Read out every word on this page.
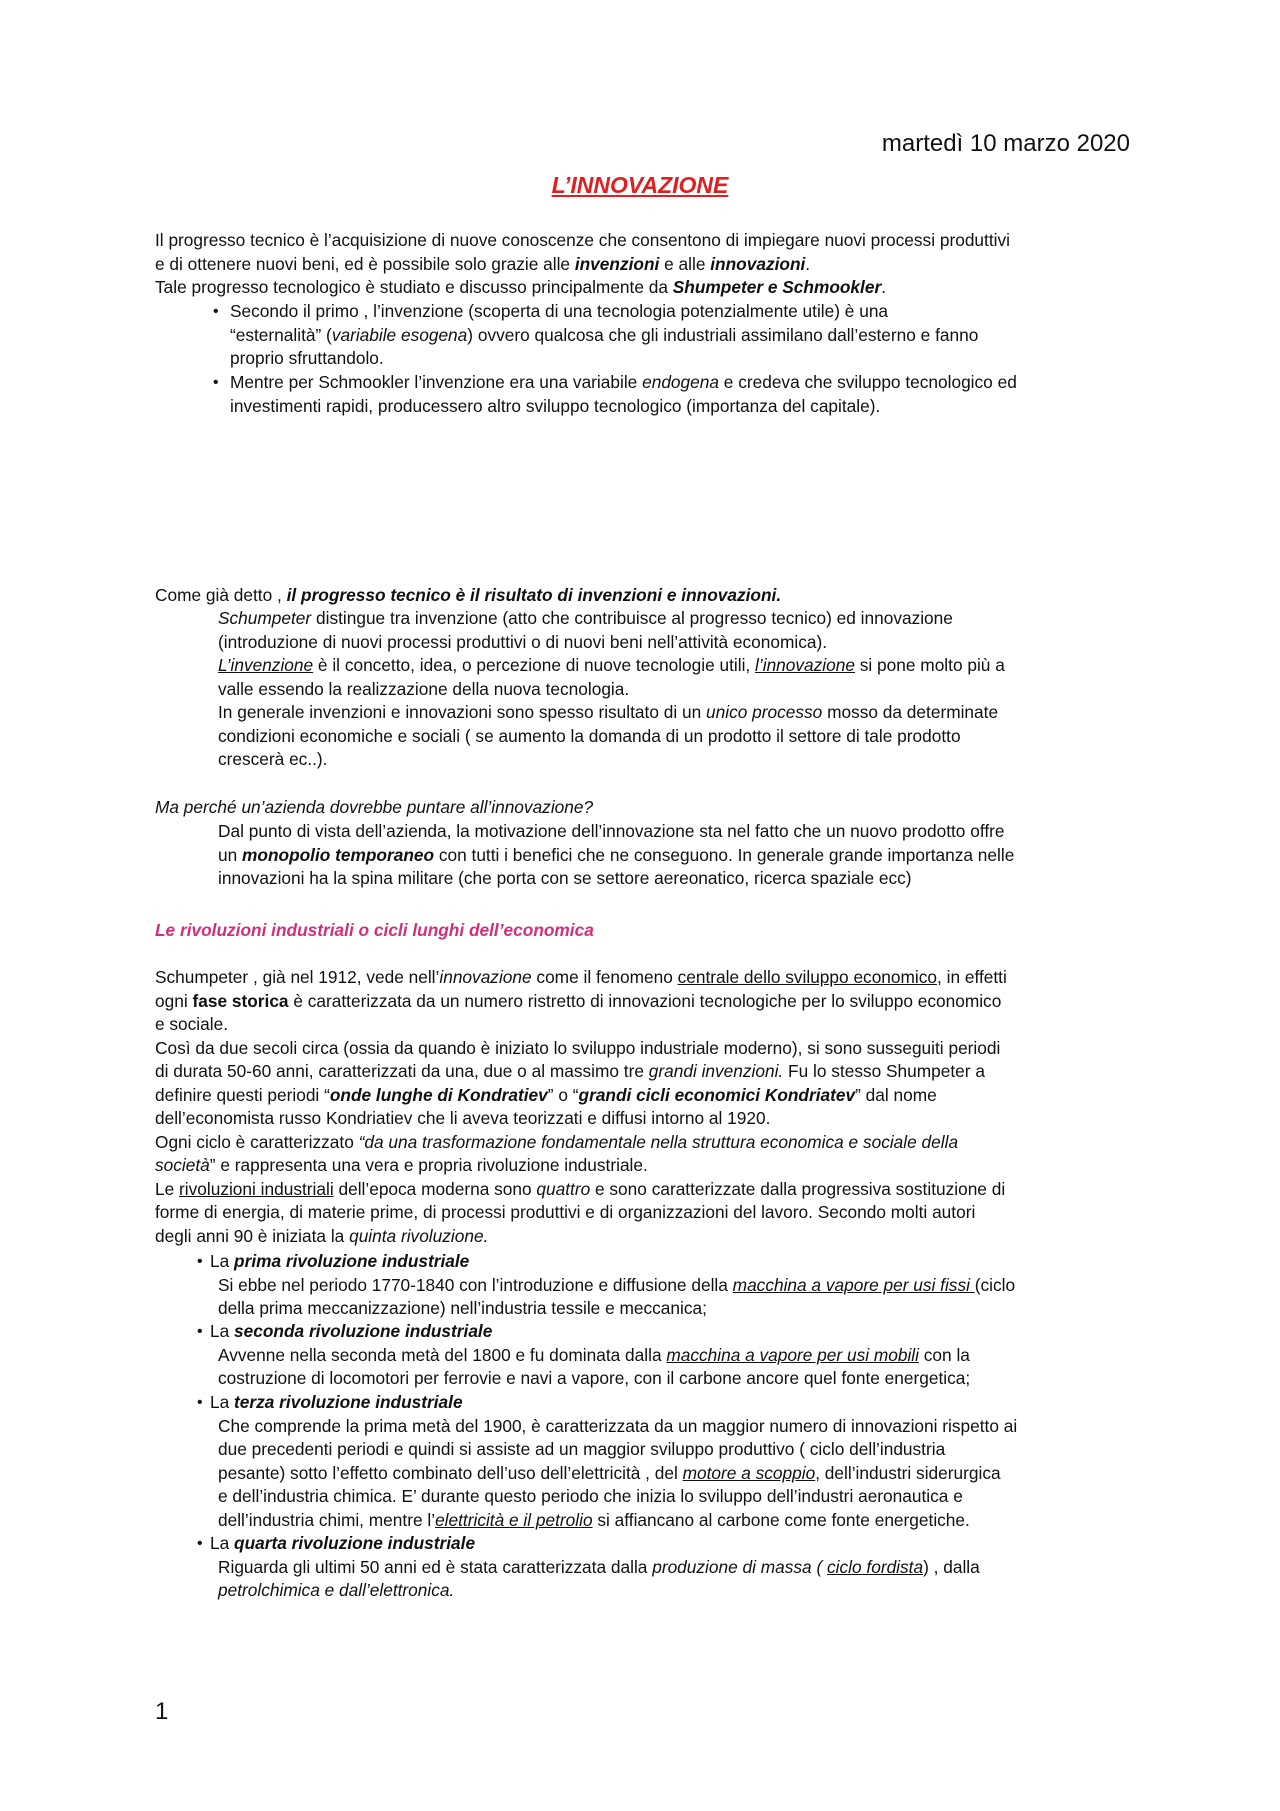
martedì 10 marzo 2020
L’INNOVAZIONE
Il progresso tecnico è l’acquisizione di nuove conoscenze che consentono di impiegare nuovi processi produttivi
e di ottenere nuovi beni, ed è possibile solo grazie alle invenzioni e alle innovazioni.
Tale progresso tecnologico è studiato e discusso principalmente da Shumpeter e Schmookler.
• Secondo il primo , l’invenzione (scoperta di una tecnologia potenzialmente utile) è una
“esternalità” (variabile esogena) ovvero qualcosa che gli industriali assimilano dall’esterno e fanno
proprio sfruttandolo.
• Mentre per Schmookler l’invenzione era una variabile endogena e credeva che sviluppo tecnologico ed
investimenti rapidi, producessero altro sviluppo tecnologico (importanza del capitale).
Come già detto , il progresso tecnico è il risultato di invenzioni e innovazioni.
Schumpeter distingue tra invenzione (atto che contribuisce al progresso tecnico) ed innovazione
(introduzione di nuovi processi produttivi o di nuovi beni nell’attività economica).
L’invenzione è il concetto, idea, o percezione di nuove tecnologie utili, l’innovazione si pone molto più a
valle essendo la realizzazione della nuova tecnologia.
In generale invenzioni e innovazioni sono spesso risultato di un unico processo mosso da determinate
condizioni economiche e sociali ( se aumento la domanda di un prodotto il settore di tale prodotto
crescerà ec..).
Ma perché un’azienda dovrebbe puntare all’innovazione?
Dal punto di vista dell’azienda, la motivazione dell’innovazione sta nel fatto che un nuovo prodotto offre
un monopolio temporaneo con tutti i benefici che ne conseguono. In generale grande importanza nelle
innovazioni ha la spina militare (che porta con se settore aereonatico, ricerca spaziale ecc)
Le rivoluzioni industriali o cicli lunghi dell’economica
Schumpeter , già nel 1912, vede nell’innovazione come il fenomeno centrale dello sviluppo economico, in effetti
ogni fase storica è caratterizzata da un numero ristretto di innovazioni tecnologiche per lo sviluppo economico
e sociale.
Così da due secoli circa (ossia da quando è iniziato lo sviluppo industriale moderno), si sono susseguiti periodi
di durata 50-60 anni, caratterizzati da una, due o al massimo tre grandi invenzioni. Fu lo stesso Shumpeter a
definire questi periodi “onde lunghe di Kondratiev” o “grandi cicli economici Kondriatev” dal nome
dell’economista russo Kondriatiev che li aveva teorizzati e diffusi intorno al 1920.
Ogni ciclo è caratterizzato “da una trasformazione fondamentale nella struttura economica e sociale della
società” e rappresenta una vera e propria rivoluzione industriale.
Le rivoluzioni industriali dell’epoca moderna sono quattro e sono caratterizzate dalla progressiva sostituzione di
forme di energia, di materie prime, di processi produttivi e di organizzazioni del lavoro. Secondo molti autori
degli anni 90 è iniziata la quinta rivoluzione.
• La prima rivoluzione industriale
Si ebbe nel periodo 1770-1840 con l’introduzione e diffusione della macchina a vapore per usi fissi (ciclo
della prima meccanizzazione) nell’industria tessile e meccanica;
• La seconda rivoluzione industriale
Avvenne nella seconda metà del 1800 e fu dominata dalla macchina a vapore per usi mobili con la
costruzione di locomotori per ferrovie e navi a vapore, con il carbone ancore quel fonte energetica;
• La terza rivoluzione industriale
Che comprende la prima metà del 1900, è caratterizzata da un maggior numero di innovazioni rispetto ai
due precedenti periodi e quindi si assiste ad un maggior sviluppo produttivo ( ciclo dell’industria
pesante) sotto l’effetto combinato dell’uso dell’elettricità , del motore a scoppio, dell’industri siderurgica
e dell’industria chimica. E’ durante questo periodo che inizia lo sviluppo dell’industri aeronautica e
dell’industria chimi, mentre l’elettricità e il petrolio si affiancano al carbone come fonte energetiche.
• La quarta rivoluzione industriale
Riguarda gli ultimi 50 anni ed è stata caratterizzata dalla produzione di massa ( ciclo fordista) , dalla
petrolchimica e dall’elettronica.
1
